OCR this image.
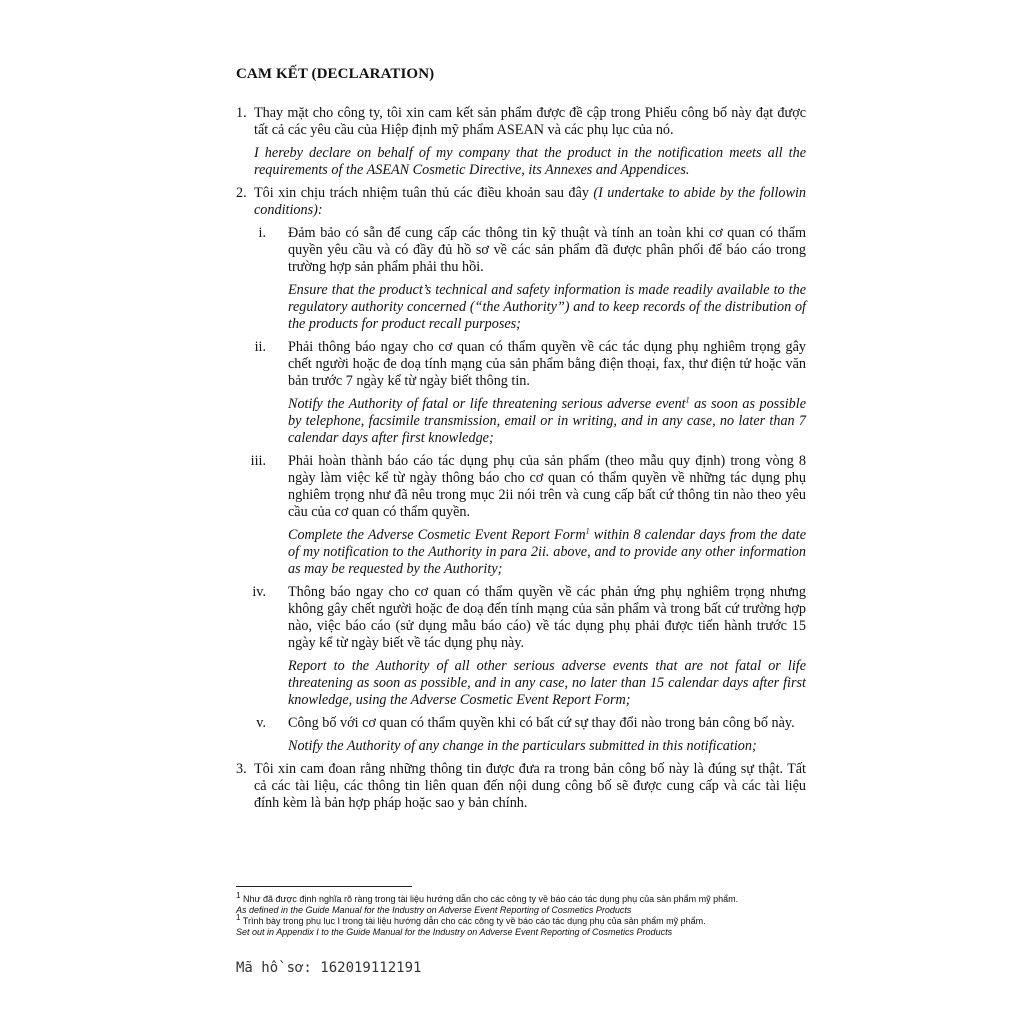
CAM KẾT (DECLARATION)
1. Thay mặt cho công ty, tôi xin cam kết sản phẩm được đề cập trong Phiếu công bố này đạt được tất cả các yêu cầu của Hiệp định mỹ phẩm ASEAN và các phụ lục của nó.

I hereby declare on behalf of my company that the product in the notification meets all the requirements of the ASEAN Cosmetic Directive, its Annexes and Appendices.

2. Tôi xin chịu trách nhiệm tuân thủ các điều khoản sau đây (I undertake to abide by the followin conditions):

i. Đảm bảo có sẵn để cung cấp các thông tin kỹ thuật và tính an toàn khi cơ quan có thẩm quyền yêu cầu và có đầy đủ hồ sơ về các sản phẩm đã được phân phối để báo cáo trong trường hợp sản phẩm phải thu hồi.

Ensure that the product’s technical and safety information is made readily available to the regulatory authority concerned (“the Authority”) and to keep records of the distribution of the products for product recall purposes;

ii. Phải thông báo ngay cho cơ quan có thẩm quyền về các tác dụng phụ nghiêm trọng gây chết người hoặc đe doạ tính mạng của sản phẩm bằng điện thoại, fax, thư điện tử hoặc văn bản trước 7 ngày kể từ ngày biết thông tin.

Notify the Authority of fatal or life threatening serious adverse event$^1$ as soon as possible by telephone, facsimile transmission, email or in writing, and in any case, no later than 7 calendar days after first knowledge;

iii. Phải hoàn thành báo cáo tác dụng phụ của sản phẩm (theo mẫu quy định) trong vòng 8 ngày làm việc kể từ ngày thông báo cho cơ quan có thẩm quyền về những tác dụng phụ nghiêm trọng như đã nêu trong mục 2ii nói trên và cung cấp bất cứ thông tin nào theo yêu cầu của cơ quan có thẩm quyền.

Complete the Adverse Cosmetic Event Report Form$^1$ within 8 calendar days from the date of my notification to the Authority in para 2ii. above, and to provide any other information as may be requested by the Authority;

iv. Thông báo ngay cho cơ quan có thẩm quyền về các phản ứng phụ nghiêm trọng nhưng không gây chết người hoặc đe doạ đến tính mạng của sản phẩm và trong bất cứ trường hợp nào, việc báo cáo (sử dụng mẫu báo cáo) về tác dụng phụ phải được tiến hành trước 15 ngày kể từ ngày biết về tác dụng phụ này.

Report to the Authority of all other serious adverse events that are not fatal or life threatening as soon as possible, and in any case, no later than 15 calendar days after first knowledge, using the Adverse Cosmetic Event Report Form;

v. Công bố với cơ quan có thẩm quyền khi có bất cứ sự thay đổi nào trong bản công bố này.

Notify the Authority of any change in the particulars submitted in this notification;

3. Tôi xin cam đoan rằng những thông tin được đưa ra trong bản công bố này là đúng sự thật. Tất cả các tài liệu, các thông tin liên quan đến nội dung công bố sẽ được cung cấp và các tài liệu đính kèm là bản hợp pháp hoặc sao y bản chính.

$^1$ Như đã được định nghĩa rõ ràng trong tài liệu hướng dẫn cho các công ty về báo cáo tác dụng phụ của sản phẩm mỹ phẩm.
As defined in the Guide Manual for the Industry on Adverse Event Reporting of Cosmetics Products
$^1$ Trình bày trong phụ lục I trong tài liệu hướng dẫn cho các công ty về báo cáo tác dụng phụ của sản phẩm mỹ phẩm.
Set out in Appendix I to the Guide Manual for the Industry on Adverse Event Reporting of Cosmetics Products
Mã hồ sơ: 162019112191
